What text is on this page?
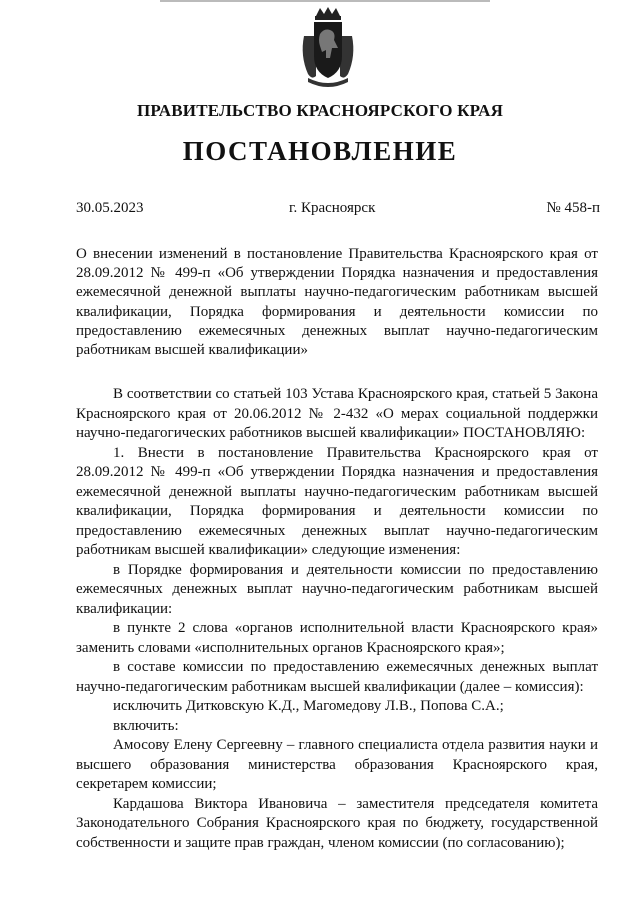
ПРАВИТЕЛЬСТВО КРАСНОЯРСКОГО КРАЯ
ПОСТАНОВЛЕНИЕ
30.05.2023	г. Красноярск	№ 458-п
О внесении изменений в постановление Правительства Красноярского края от 28.09.2012 № 499-п «Об утверждении Порядка назначения и предоставления ежемесячной денежной выплаты научно-педагогическим работникам высшей квалификации, Порядка формирования и деятельности комиссии по предоставлению ежемесячных денежных выплат научно-педагогическим работникам высшей квалификации»

В соответствии со статьей 103 Устава Красноярского края, статьей 5 Закона Красноярского края от 20.06.2012 № 2-432 «О мерах социальной поддержки научно-педагогических работников высшей квалификации» ПОСТАНОВЛЯЮ:

1. Внести в постановление Правительства Красноярского края от 28.09.2012 № 499-п «Об утверждении Порядка назначения и предоставления ежемесячной денежной выплаты научно-педагогическим работникам высшей квалификации, Порядка формирования и деятельности комиссии по предоставлению ежемесячных денежных выплат научно-педагогическим работникам высшей квалификации» следующие изменения:

в Порядке формирования и деятельности комиссии по предоставлению ежемесячных денежных выплат научно-педагогическим работникам высшей квалификации:

в пункте 2 слова «органов исполнительной власти Красноярского края» заменить словами «исполнительных органов Красноярского края»;

в составе комиссии по предоставлению ежемесячных денежных выплат научно-педагогическим работникам высшей квалификации (далее – комиссия):

исключить Дитковскую К.Д., Магомедову Л.В., Попова С.А.;

включить:

Амосову Елену Сергеевну – главного специалиста отдела развития науки и высшего образования министерства образования Красноярского края, секретарем комиссии;

Кардашова Виктора Ивановича – заместителя председателя комитета Законодательного Собрания Красноярского края по бюджету, государственной собственности и защите прав граждан, членом комиссии (по согласованию);
